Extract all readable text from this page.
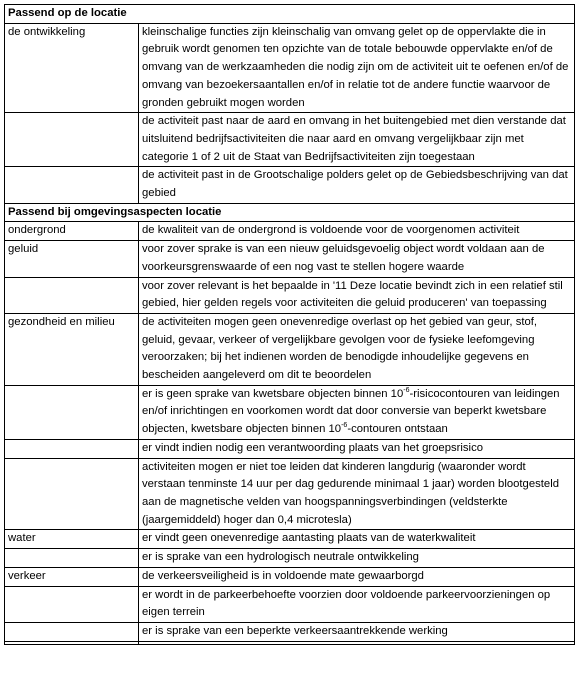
Passend op de locatie	
de ontwikkeling	kleinschalige functies zijn kleinschalig van omvang gelet op de oppervlakte die in gebruik wordt genomen ten opzichte van de totale bebouwde oppervlakte en/of de omvang van de werkzaamheden die nodig zijn om de activiteit uit te oefenen en/of de omvang van bezoekersaantallen en/of in relatie tot de andere functie waarvoor de gronden gebruikt mogen worden
	de activiteit past naar de aard en omvang in het buitengebied met dien verstande dat uitsluitend bedrijfsactiviteiten die naar aard en omvang vergelijkbaar zijn met categorie 1 of 2 uit de Staat van Bedrijfsactiviteiten zijn toegestaan
	de activiteit past in de Grootschalige polders gelet op de Gebiedsbeschrijving van dat gebied
Passend bij omgevingsaspecten locatie	
ondergrond	de kwaliteit van de ondergrond is voldoende voor de voorgenomen activiteit
geluid	voor zover sprake is van een nieuw geluidsgevoelig object wordt voldaan aan de voorkeursgrenswaarde of een nog vast te stellen hogere waarde
	voor zover relevant is het bepaalde in '11 Deze locatie bevindt zich in een relatief stil gebied, hier gelden regels voor activiteiten die geluid produceren' van toepassing
gezondheid en milieu	de activiteiten mogen geen onevenredige overlast op het gebied van geur, stof, geluid, gevaar, verkeer of vergelijkbare gevolgen voor de fysieke leefomgeving veroorzaken; bij het indienen worden de benodigde inhoudelijke gegevens en bescheiden aangeleverd om dit te beoordelen
	er is geen sprake van kwetsbare objecten binnen $10^{-6}$-risicocontouren van leidingen en/of inrichtingen en voorkomen wordt dat door conversie van beperkt kwetsbare objecten, kwetsbare objecten binnen $10^{-6}$-contouren ontstaan
	er vindt indien nodig een verantwoording plaats van het groepsrisico
	activiteiten mogen er niet toe leiden dat kinderen langdurig (waaronder wordt verstaan tenminste 14 uur per dag gedurende minimaal 1 jaar) worden blootgesteld aan de magnetische velden van hoogspanningsverbindingen (veldsterkte (jaargemiddeld) hoger dan 0,4 microtesla)
water	er vindt geen onevenredige aantasting plaats van de waterkwaliteit
	er is sprake van een hydrologisch neutrale ontwikkeling
verkeer	de verkeersveiligheid is in voldoende mate gewaarborgd
	er wordt in de parkeerbehoefte voorzien door voldoende parkeervoorzieningen op eigen terrein
	er is sprake van een beperkte verkeersaantrekkende werking
